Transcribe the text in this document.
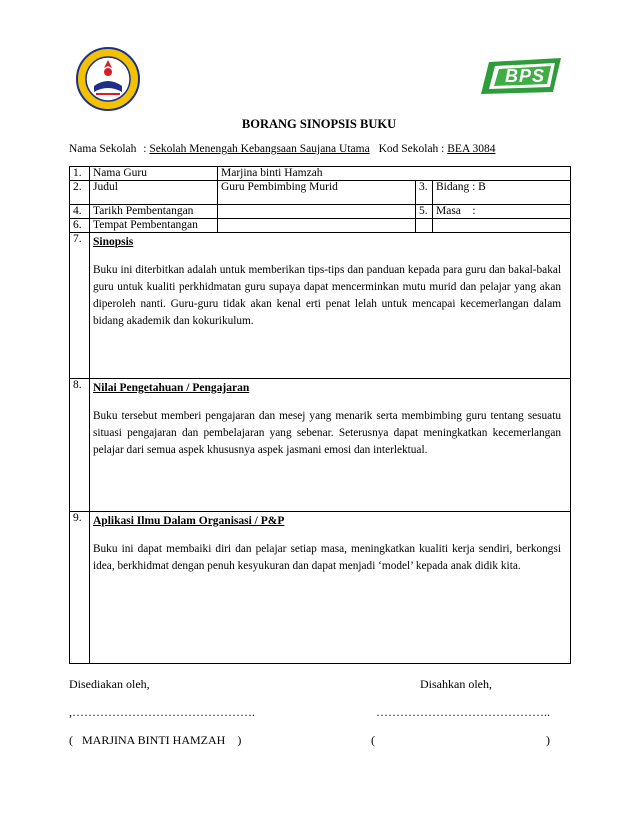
BPS
BORANG SINOPSIS BUKU
Nama Sekolah : Sekolah Menengah Kebangsaan Saujana Utama Kod Sekolah : BEA 3084
1.	Nama Guru	Marjina binti Hamzah		
2.	Judul	Guru Pembimbing Murid	3.	Bidang : B
4.	Tarikh Pembentangan		5.	Masa    :
6.	Tempat Pembentangan			
7.	Sinopsis
Buku ini diterbitkan adalah untuk memberikan tips-tips dan panduan kepada para guru dan bakal-bakal guru untuk kualiti perkhidmatan guru supaya dapat mencerminkan mutu murid dan pelajar yang akan diperoleh nanti. Guru-guru tidak akan kenal erti penat lelah untuk mencapai kecemerlangan dalam bidang akademik dan kokurikulum.			

8.	Nilai Pengetahuan / Pengajaran
Buku tersebut memberi pengajaran dan mesej yang menarik serta membimbing guru tentang sesuatu situasi pengajaran dan pembelajaran yang sebenar. Seterusnya dapat meningkatkan kecemerlangan pelajar dari semua aspek khususnya aspek jasmani emosi dan interlektual.			

9.	Aplikasi Ilmu Dalam Organisasi / P&P
Buku ini dapat membaiki diri dan pelajar setiap masa, meningkatkan kualiti kerja sendiri, berkongsi idea, berkhidmat dengan penuh kesyukuran dan dapat menjadi ‘model’ kepada anak didik kita.			
Disediakan oleh,	Disahkan oleh,
,……………………………………….	……………………………………..
(   MARJINA BINTI HAMZAH    )	(	)
